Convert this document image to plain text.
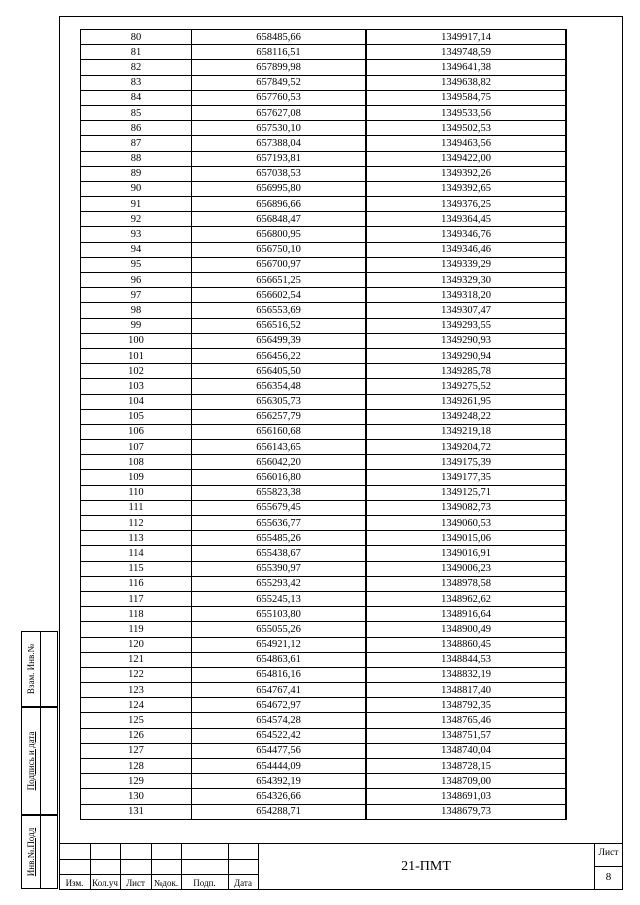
80	658485,66	1349917,14
81	658116,51	1349748,59
82	657899,98	1349641,38
83	657849,52	1349638,82
84	657760,53	1349584,75
85	657627,08	1349533,56
86	657530,10	1349502,53
87	657388,04	1349463,56
88	657193,81	1349422,00
89	657038,53	1349392,26
90	656995,80	1349392,65
91	656896,66	1349376,25
92	656848,47	1349364,45
93	656800,95	1349346,76
94	656750,10	1349346,46
95	656700,97	1349339,29
96	656651,25	1349329,30
97	656602,54	1349318,20
98	656553,69	1349307,47
99	656516,52	1349293,55
100	656499,39	1349290,93
101	656456,22	1349290,94
102	656405,50	1349285,78
103	656354,48	1349275,52
104	656305,73	1349261,95
105	656257,79	1349248,22
106	656160,68	1349219,18
107	656143,65	1349204,72
108	656042,20	1349175,39
109	656016,80	1349177,35
110	655823,38	1349125,71
111	655679,45	1349082,73
112	655636,77	1349060,53
113	655485,26	1349015,06
114	655438,67	1349016,91
115	655390,97	1349006,23
116	655293,42	1348978,58
117	655245,13	1348962,62
118	655103,80	1348916,64
119	655055,26	1348900,49
120	654921,12	1348860,45
121	654863,61	1348844,53
122	654816,16	1348832,19
123	654767,41	1348817,40
124	654672,97	1348792,35
125	654574,28	1348765,46
126	654522,42	1348751,57
127	654477,56	1348740,04
128	654444,09	1348728,15
129	654392,19	1348709,00
130	654326,66	1348691,03
131	654288,71	1348679,73
Взам. Инв.№
Подпись и дата
Инв.№.Подл
Изм. Кол.уч Лист №док.	Подп.	Дата
21-ПМТ
Лист
8
